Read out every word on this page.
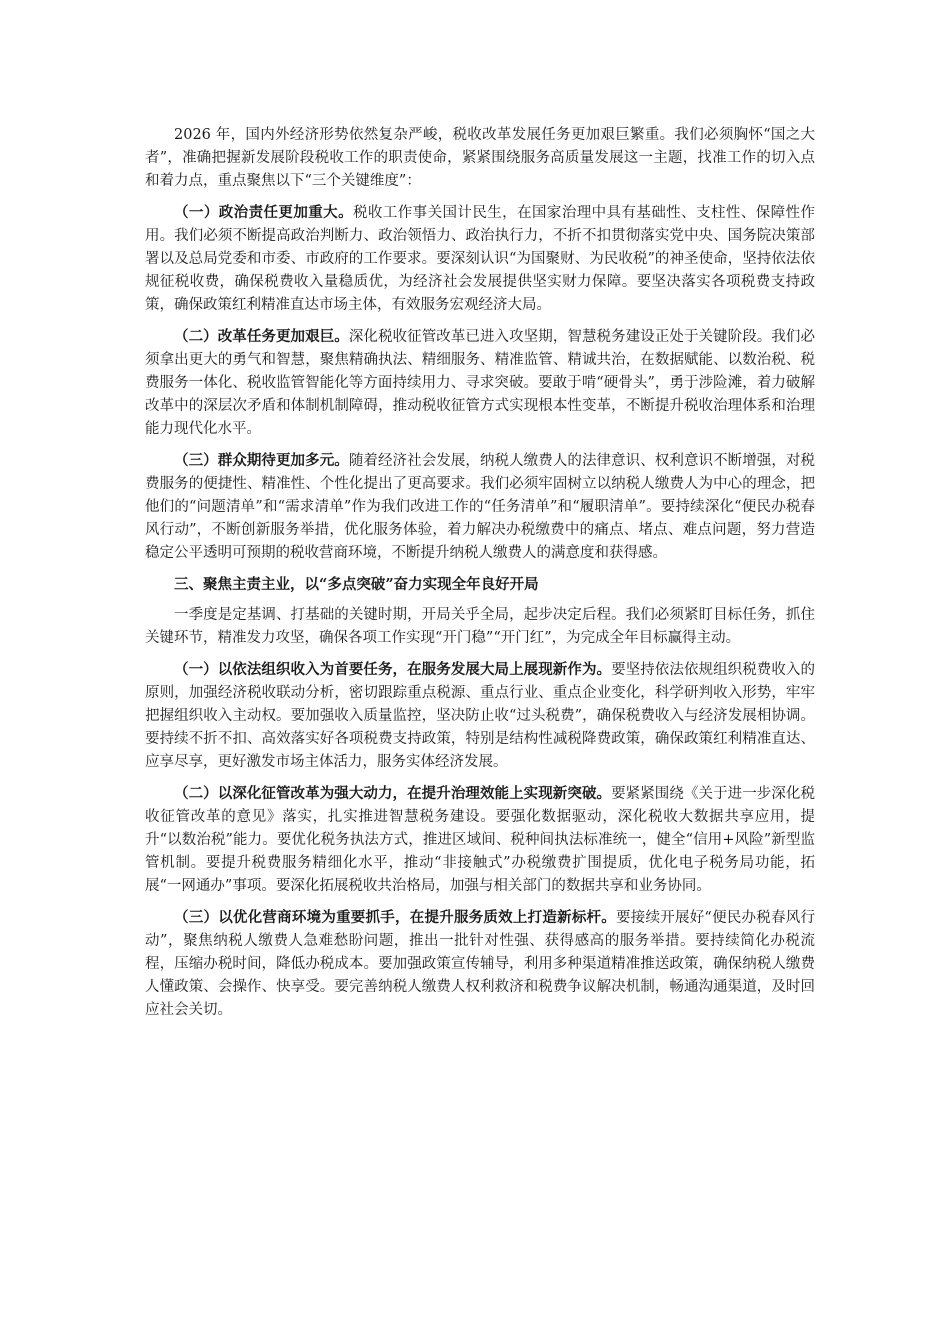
2026 年，国内外经济形势依然复杂严峻，税收改革发展任务更加艰巨繁重。我们必须胸怀“国之大者”，准确把握新发展阶段税收工作的职责使命，紧紧围绕服务高质量发展这一主题，找准工作的切入点和着力点，重点聚焦以下“三个关键维度”：

（一）政治责任更加重大。税收工作事关国计民生，在国家治理中具有基础性、支柱性、保障性作用。我们必须不断提高政治判断力、政治领悟力、政治执行力，不折不扣贯彻落实党中央、国务院决策部署以及总局党委和市委、市政府的工作要求。要深刻认识“为国聚财、为民收税”的神圣使命，坚持依法依规征税收费，确保税费收入量稳质优，为经济社会发展提供坚实财力保障。要坚决落实各项税费支持政策，确保政策红利精准直达市场主体，有效服务宏观经济大局。

（二）改革任务更加艰巨。深化税收征管改革已进入攻坚期，智慧税务建设正处于关键阶段。我们必须拿出更大的勇气和智慧，聚焦精确执法、精细服务、精准监管、精诚共治，在数据赋能、以数治税、税费服务一体化、税收监管智能化等方面持续用力、寻求突破。要敢于啃“硬骨头”，勇于涉险滩，着力破解改革中的深层次矛盾和体制机制障碍，推动税收征管方式实现根本性变革，不断提升税收治理体系和治理能力现代化水平。

（三）群众期待更加多元。随着经济社会发展，纳税人缴费人的法律意识、权利意识不断增强，对税费服务的便捷性、精准性、个性化提出了更高要求。我们必须牢固树立以纳税人缴费人为中心的理念，把他们的“问题清单”和“需求清单”作为我们改进工作的“任务清单”和“履职清单”。要持续深化“便民办税春风行动”，不断创新服务举措，优化服务体验，着力解决办税缴费中的痛点、堵点、难点问题，努力营造稳定公平透明可预期的税收营商环境，不断提升纳税人缴费人的满意度和获得感。

三、聚焦主责主业，以“多点突破”奋力实现全年良好开局

一季度是定基调、打基础的关键时期，开局关乎全局，起步决定后程。我们必须紧盯目标任务，抓住关键环节，精准发力攻坚，确保各项工作实现“开门稳”“开门红”，为完成全年目标赢得主动。

（一）以依法组织收入为首要任务，在服务发展大局上展现新作为。要坚持依法依规组织税费收入的原则，加强经济税收联动分析，密切跟踪重点税源、重点行业、重点企业变化，科学研判收入形势，牢牢把握组织收入主动权。要加强收入质量监控，坚决防止收“过头税费”，确保税费收入与经济发展相协调。要持续不折不扣、高效落实好各项税费支持政策，特别是结构性减税降费政策，确保政策红利精准直达、应享尽享，更好激发市场主体活力，服务实体经济发展。

（二）以深化征管改革为强大动力，在提升治理效能上实现新突破。要紧紧围绕《关于进一步深化税收征管改革的意见》落实，扎实推进智慧税务建设。要强化数据驱动，深化税收大数据共享应用，提升“以数治税”能力。要优化税务执法方式，推进区域间、税种间执法标准统一，健全“信用+风险”新型监管机制。要提升税费服务精细化水平，推动“非接触式”办税缴费扩围提质，优化电子税务局功能，拓展“一网通办”事项。要深化拓展税收共治格局，加强与相关部门的数据共享和业务协同。

（三）以优化营商环境为重要抓手，在提升服务质效上打造新标杆。要接续开展好“便民办税春风行动”，聚焦纳税人缴费人急难愁盼问题，推出一批针对性强、获得感高的服务举措。要持续简化办税流程，压缩办税时间，降低办税成本。要加强政策宣传辅导，利用多种渠道精准推送政策，确保纳税人缴费人懂政策、会操作、快享受。要完善纳税人缴费人权利救济和税费争议解决机制，畅通沟通渠道，及时回应社会关切。
